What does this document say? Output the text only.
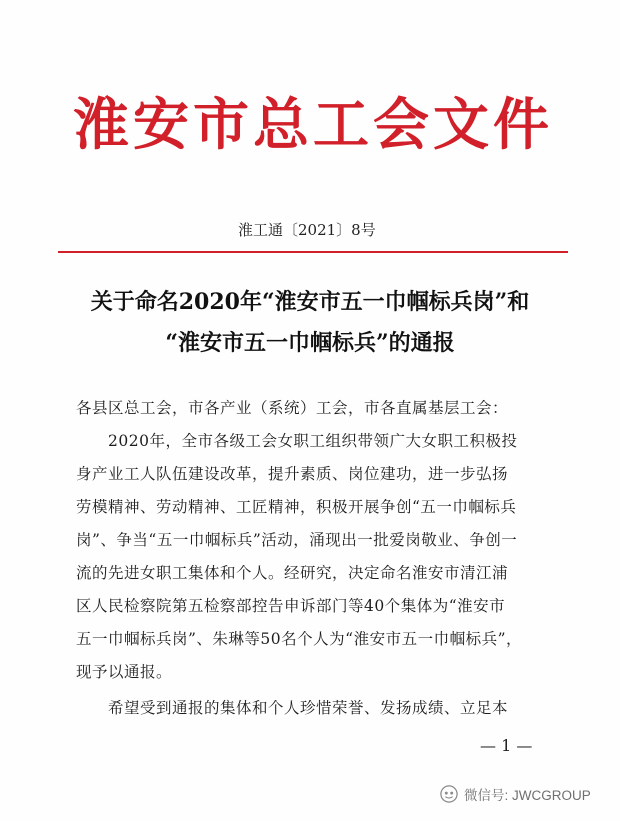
淮安市总工会文件
淮工通〔2021〕8号
关于命名2020年“淮安市五一巾帼标兵岗”和
“淮安市五一巾帼标兵”的通报
各县区总工会，市各产业（系统）工会，市各直属基层工会：
　　2020年，全市各级工会女职工组织带领广大女职工积极投
身产业工人队伍建设改革，提升素质、岗位建功，进一步弘扬
劳模精神、劳动精神、工匠精神，积极开展争创“五一巾帼标兵
岗”、争当“五一巾帼标兵”活动，涌现出一批爱岗敬业、争创一
流的先进女职工集体和个人。经研究，决定命名淮安市清江浦
区人民检察院第五检察部控告申诉部门等40个集体为“淮安市
五一巾帼标兵岗”、朱琳等50名个人为“淮安市五一巾帼标兵”，
现予以通报。
　　希望受到通报的集体和个人珍惜荣誉、发扬成绩、立足本
— 1 —
微信号: JWCGROUP
